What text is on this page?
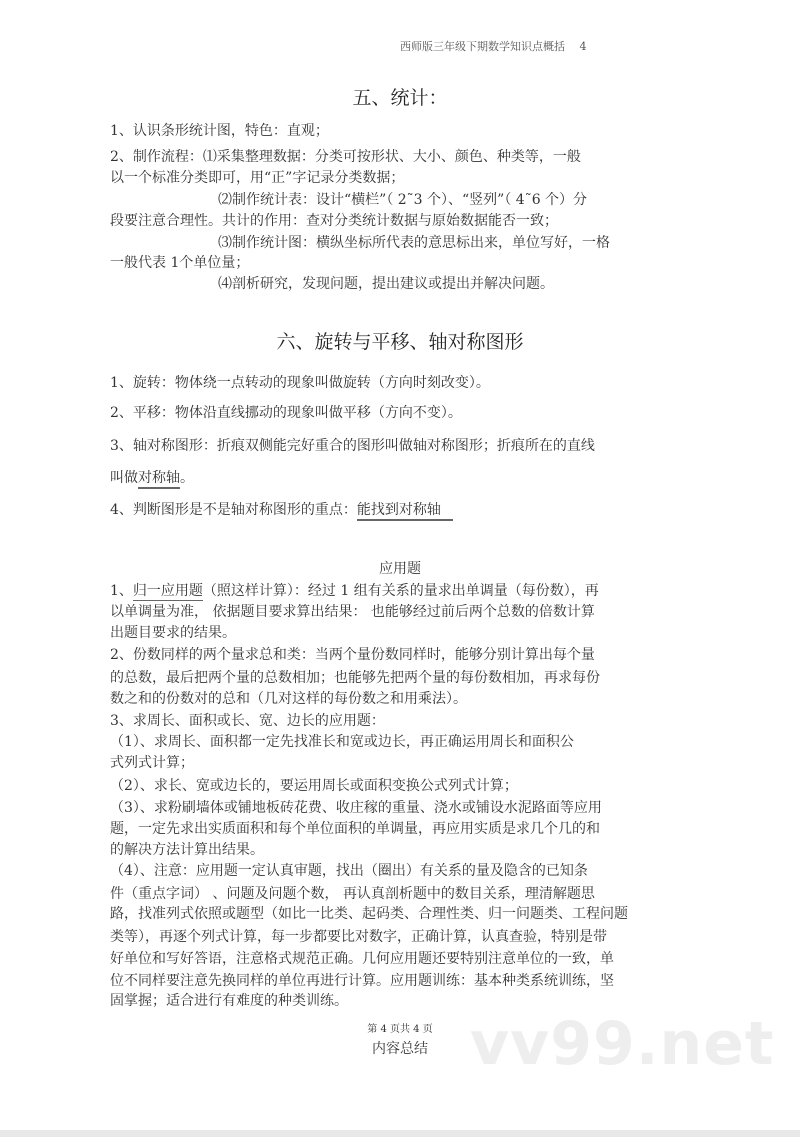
西师版三年级下期数学知识点概括　 4
五、统计：
1、认识条形统计图，特色：直观；
2、制作流程：⑴采集整理数据：分类可按形状、大小、颜色、种类等，一般
以一个标准分类即可，用“正”字记录分类数据；
⑵制作统计表：设计“横栏”（ 2˜3 个）、“竖列”（ 4˜6 个）分
段要注意合理性。共计的作用：查对分类统计数据与原始数据能否一致；
⑶制作统计图：横纵坐标所代表的意思标出来，单位写好，一格
一般代表 1个单位量；
⑷剖析研究，发现问题，提出建议或提出并解决问题。
六、旋转与平移、轴对称图形
1、旋转：物体绕一点转动的现象叫做旋转（方向时刻改变）。
2、平移：物体沿直线挪动的现象叫做平移（方向不变）。
3、轴对称图形：折痕双侧能完好重合的图形叫做轴对称图形；折痕所在的直线
叫做对称轴。
4、判断图形是不是轴对称图形的重点：能找到对称轴
应用题
1、归一应用题（照这样计算）：经过 1 组有关系的量求出单调量（每份数），再
以单调量为准， 依据题目要求算出结果： 也能够经过前后两个总数的倍数计算
出题目要求的结果。
2、份数同样的两个量求总和类：当两个量份数同样时，能够分别计算出每个量
的总数，最后把两个量的总数相加；也能够先把两个量的每份数相加，再求每份
数之和的份数对的总和（几对这样的每份数之和用乘法）。
3、求周长、面积或长、宽、边长的应用题：
（1）、求周长、面积都一定先找准长和宽或边长，再正确运用周长和面积公
式列式计算；
（2）、求长、宽或边长的，要运用周长或面积变换公式列式计算；
（3）、求粉刷墙体或铺地板砖花费、收庄稼的重量、浇水或铺设水泥路面等应用
题，一定先求出实质面积和每个单位面积的单调量，再应用实质是求几个几的和
的解决方法计算出结果。
（4）、注意：应用题一定认真审题，找出（圈出）有关系的量及隐含的已知条
件（重点字词） 、问题及问题个数， 再认真剖析题中的数目关系，理清解题思
路，找准列式依照或题型（如比一比类、起码类、合理性类、归一问题类、工程问题
类等），再逐个列式计算，每一步都要比对数字，正确计算，认真查验，特别是带
好单位和写好答语，注意格式规范正确。几何应用题还要特别注意单位的一致，单
位不同样要注意先换同样的单位再进行计算。应用题训练：基本种类系统训练，坚
固掌握；适合进行有难度的种类训练。
vv99.net
第 4 页共 4 页
内容总结
